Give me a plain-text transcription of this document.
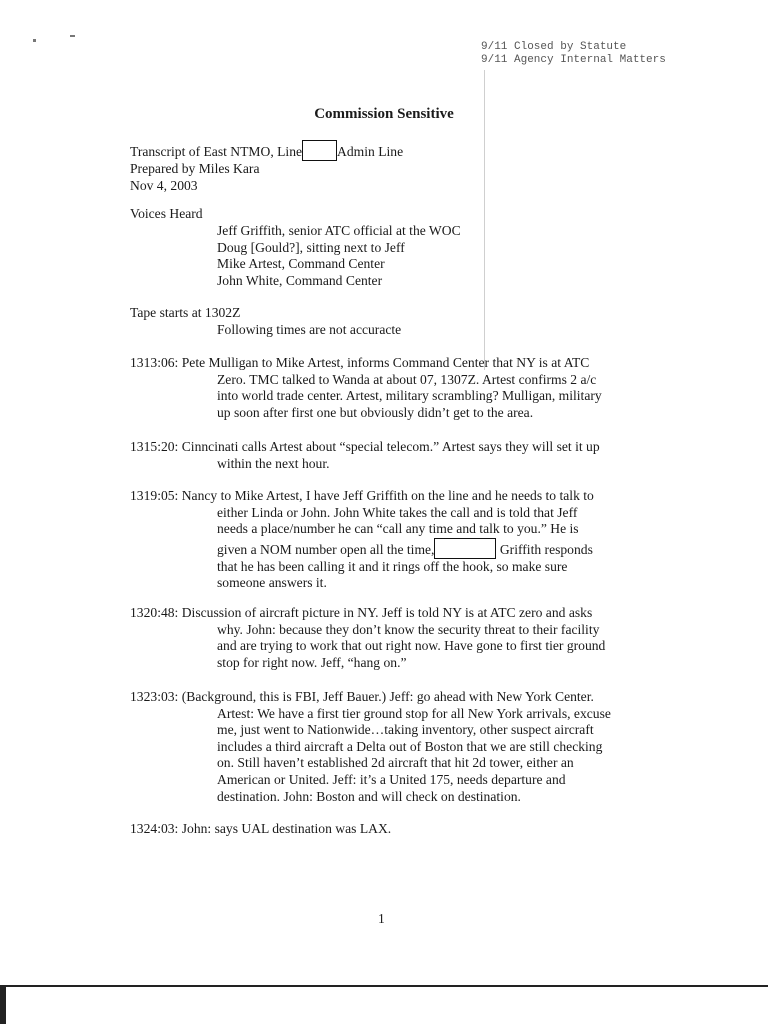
9/11 Closed by Statute
9/11 Agency Internal Matters
Commission Sensitive
Transcript of East NTMO, Line	Admin Line
Prepared by Miles Kara
Nov 4, 2003
Voices Heard
Jeff Griffith, senior ATC official at the WOC
Doug [Gould?], sitting next to Jeff
Mike Artest, Command Center
John White, Command Center
Tape starts at 1302Z
Following times are not accuracte
1313:06: Pete Mulligan to Mike Artest, informs Command Center that NY is at ATC
Zero. TMC talked to Wanda at about 07, 1307Z. Artest confirms 2 a/c
into world trade center. Artest, military scrambling? Mulligan, military
up soon after first one but obviously didn’t get to the area.
1315:20: Cinncinati calls Artest about “special telecom.” Artest says they will set it up
within the next hour.
1319:05: Nancy to Mike Artest, I have Jeff Griffith on the line and he needs to talk to
either Linda or John. John White takes the call and is told that Jeff
needs a place/number he can “call any time and talk to you.” He is
given a NOM number open all the time,	Griffith responds
that he has been calling it and it rings off the hook, so make sure
someone answers it.
1320:48: Discussion of aircraft picture in NY. Jeff is told NY is at ATC zero and asks
why. John: because they don’t know the security threat to their facility
and are trying to work that out right now. Have gone to first tier ground
stop for right now. Jeff, “hang on.”
1323:03: (Background, this is FBI, Jeff Bauer.) Jeff: go ahead with New York Center.
Artest: We have a first tier ground stop for all New York arrivals, excuse
me, just went to Nationwide…taking inventory, other suspect aircraft
includes a third aircraft a Delta out of Boston that we are still checking
on. Still haven’t established 2d aircraft that hit 2d tower, either an
American or United. Jeff: it’s a United 175, needs departure and
destination. John: Boston and will check on destination.
1324:03: John: says UAL destination was LAX.
1
